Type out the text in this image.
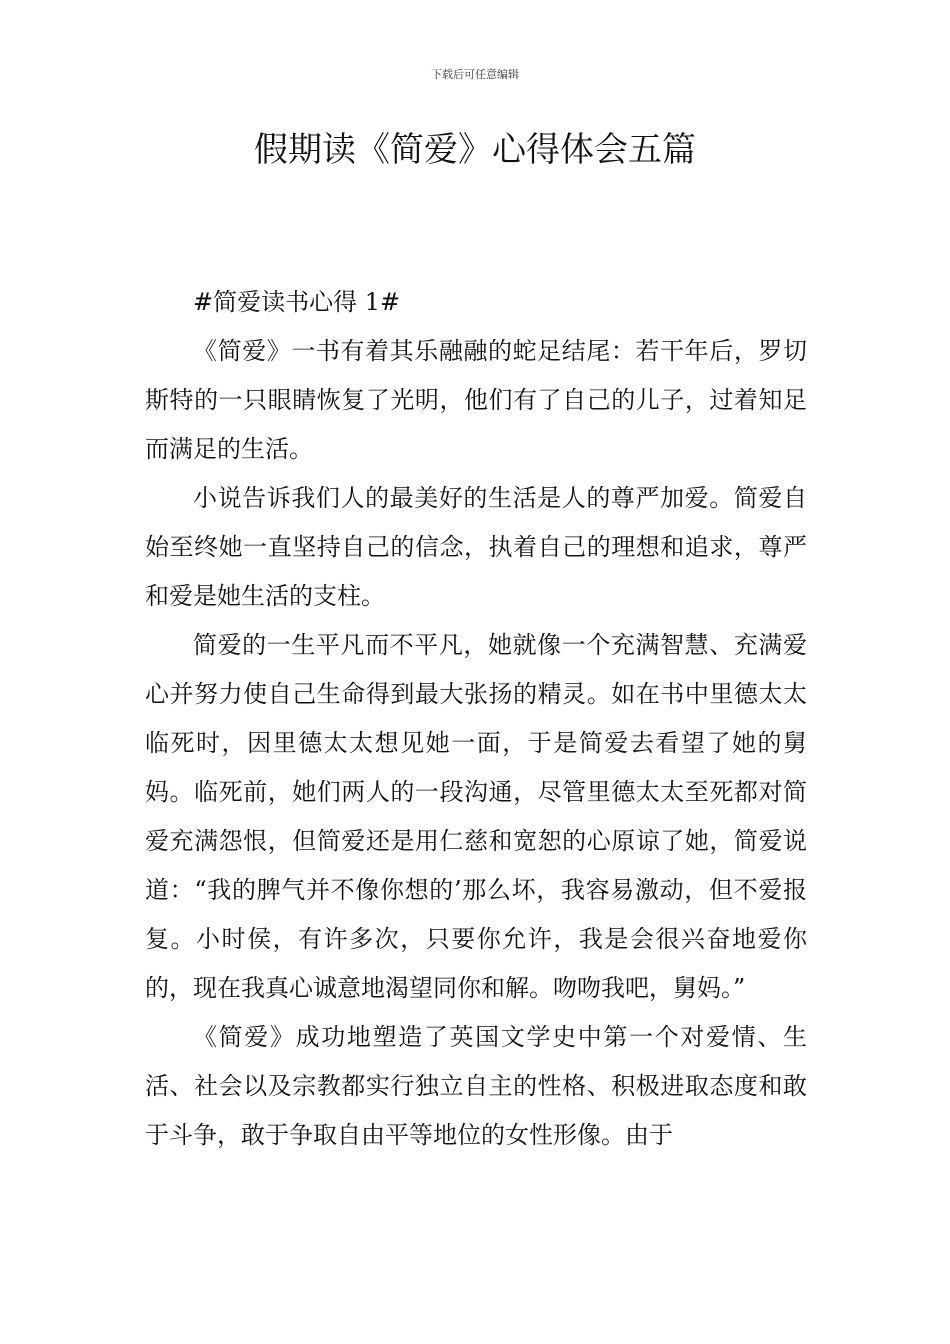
下载后可任意编辑
假期读《简爱》心得体会五篇

#简爱读书心得 1#

《简爱》一书有着其乐融融的蛇足结尾：若干年后，罗切斯特的一只眼睛恢复了光明，他们有了自己的儿子，过着知足而满足的生活。

小说告诉我们人的最美好的生活是人的尊严加爱。简爱自始至终她一直坚持自己的信念，执着自己的理想和追求，尊严和爱是她生活的支柱。

简爱的一生平凡而不平凡，她就像一个充满智慧、充满爱心并努力使自己生命得到最大张扬的精灵。如在书中里德太太临死时，因里德太太想见她一面，于是简爱去看望了她的舅妈。临死前，她们两人的一段沟通，尽管里德太太至死都对简爱充满怨恨，但简爱还是用仁慈和宽恕的心原谅了她，简爱说道：“我的脾气并不像你想的’那么坏，我容易激动，但不爱报复。小时侯，有许多次，只要你允许，我是会很兴奋地爱你的，现在我真心诚意地渴望同你和解。吻吻我吧，舅妈。”

《简爱》成功地塑造了英国文学史中第一个对爱情、生活、社会以及宗教都实行独立自主的性格、积极进取态度和敢于斗争，敢于争取自由平等地位的女性形像。由于
